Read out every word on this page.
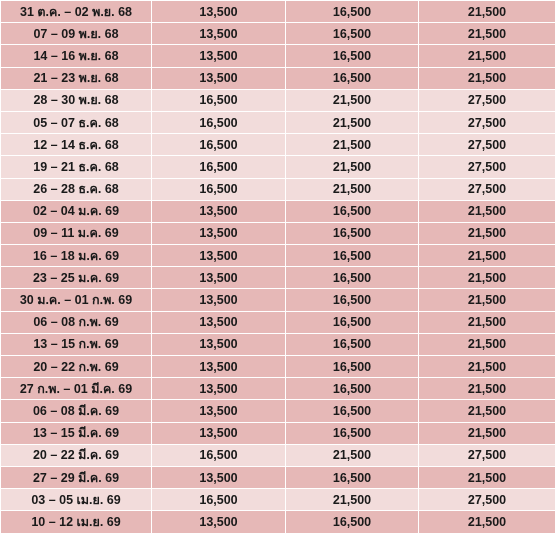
31 ต.ค. – 02 พ.ย. 68	13,500	16,500	21,500
07 – 09 พ.ย. 68	13,500	16,500	21,500
14 – 16 พ.ย. 68	13,500	16,500	21,500
21 – 23 พ.ย. 68	13,500	16,500	21,500
28 – 30 พ.ย. 68	16,500	21,500	27,500
05 – 07 ธ.ค. 68	16,500	21,500	27,500
12 – 14 ธ.ค. 68	16,500	21,500	27,500
19 – 21 ธ.ค. 68	16,500	21,500	27,500
26 – 28 ธ.ค. 68	16,500	21,500	27,500
02 – 04 ม.ค. 69	13,500	16,500	21,500
09 – 11 ม.ค. 69	13,500	16,500	21,500
16 – 18 ม.ค. 69	13,500	16,500	21,500
23 – 25 ม.ค. 69	13,500	16,500	21,500
30 ม.ค. – 01 ก.พ. 69	13,500	16,500	21,500
06 – 08 ก.พ. 69	13,500	16,500	21,500
13 – 15 ก.พ. 69	13,500	16,500	21,500
20 – 22 ก.พ. 69	13,500	16,500	21,500
27 ก.พ. – 01 มี.ค. 69	13,500	16,500	21,500
06 – 08 มี.ค. 69	13,500	16,500	21,500
13 – 15 มี.ค. 69	13,500	16,500	21,500
20 – 22 มี.ค. 69	16,500	21,500	27,500
27 – 29 มี.ค. 69	13,500	16,500	21,500
03 – 05 เม.ย. 69	16,500	21,500	27,500
10 – 12 เม.ย. 69	13,500	16,500	21,500
